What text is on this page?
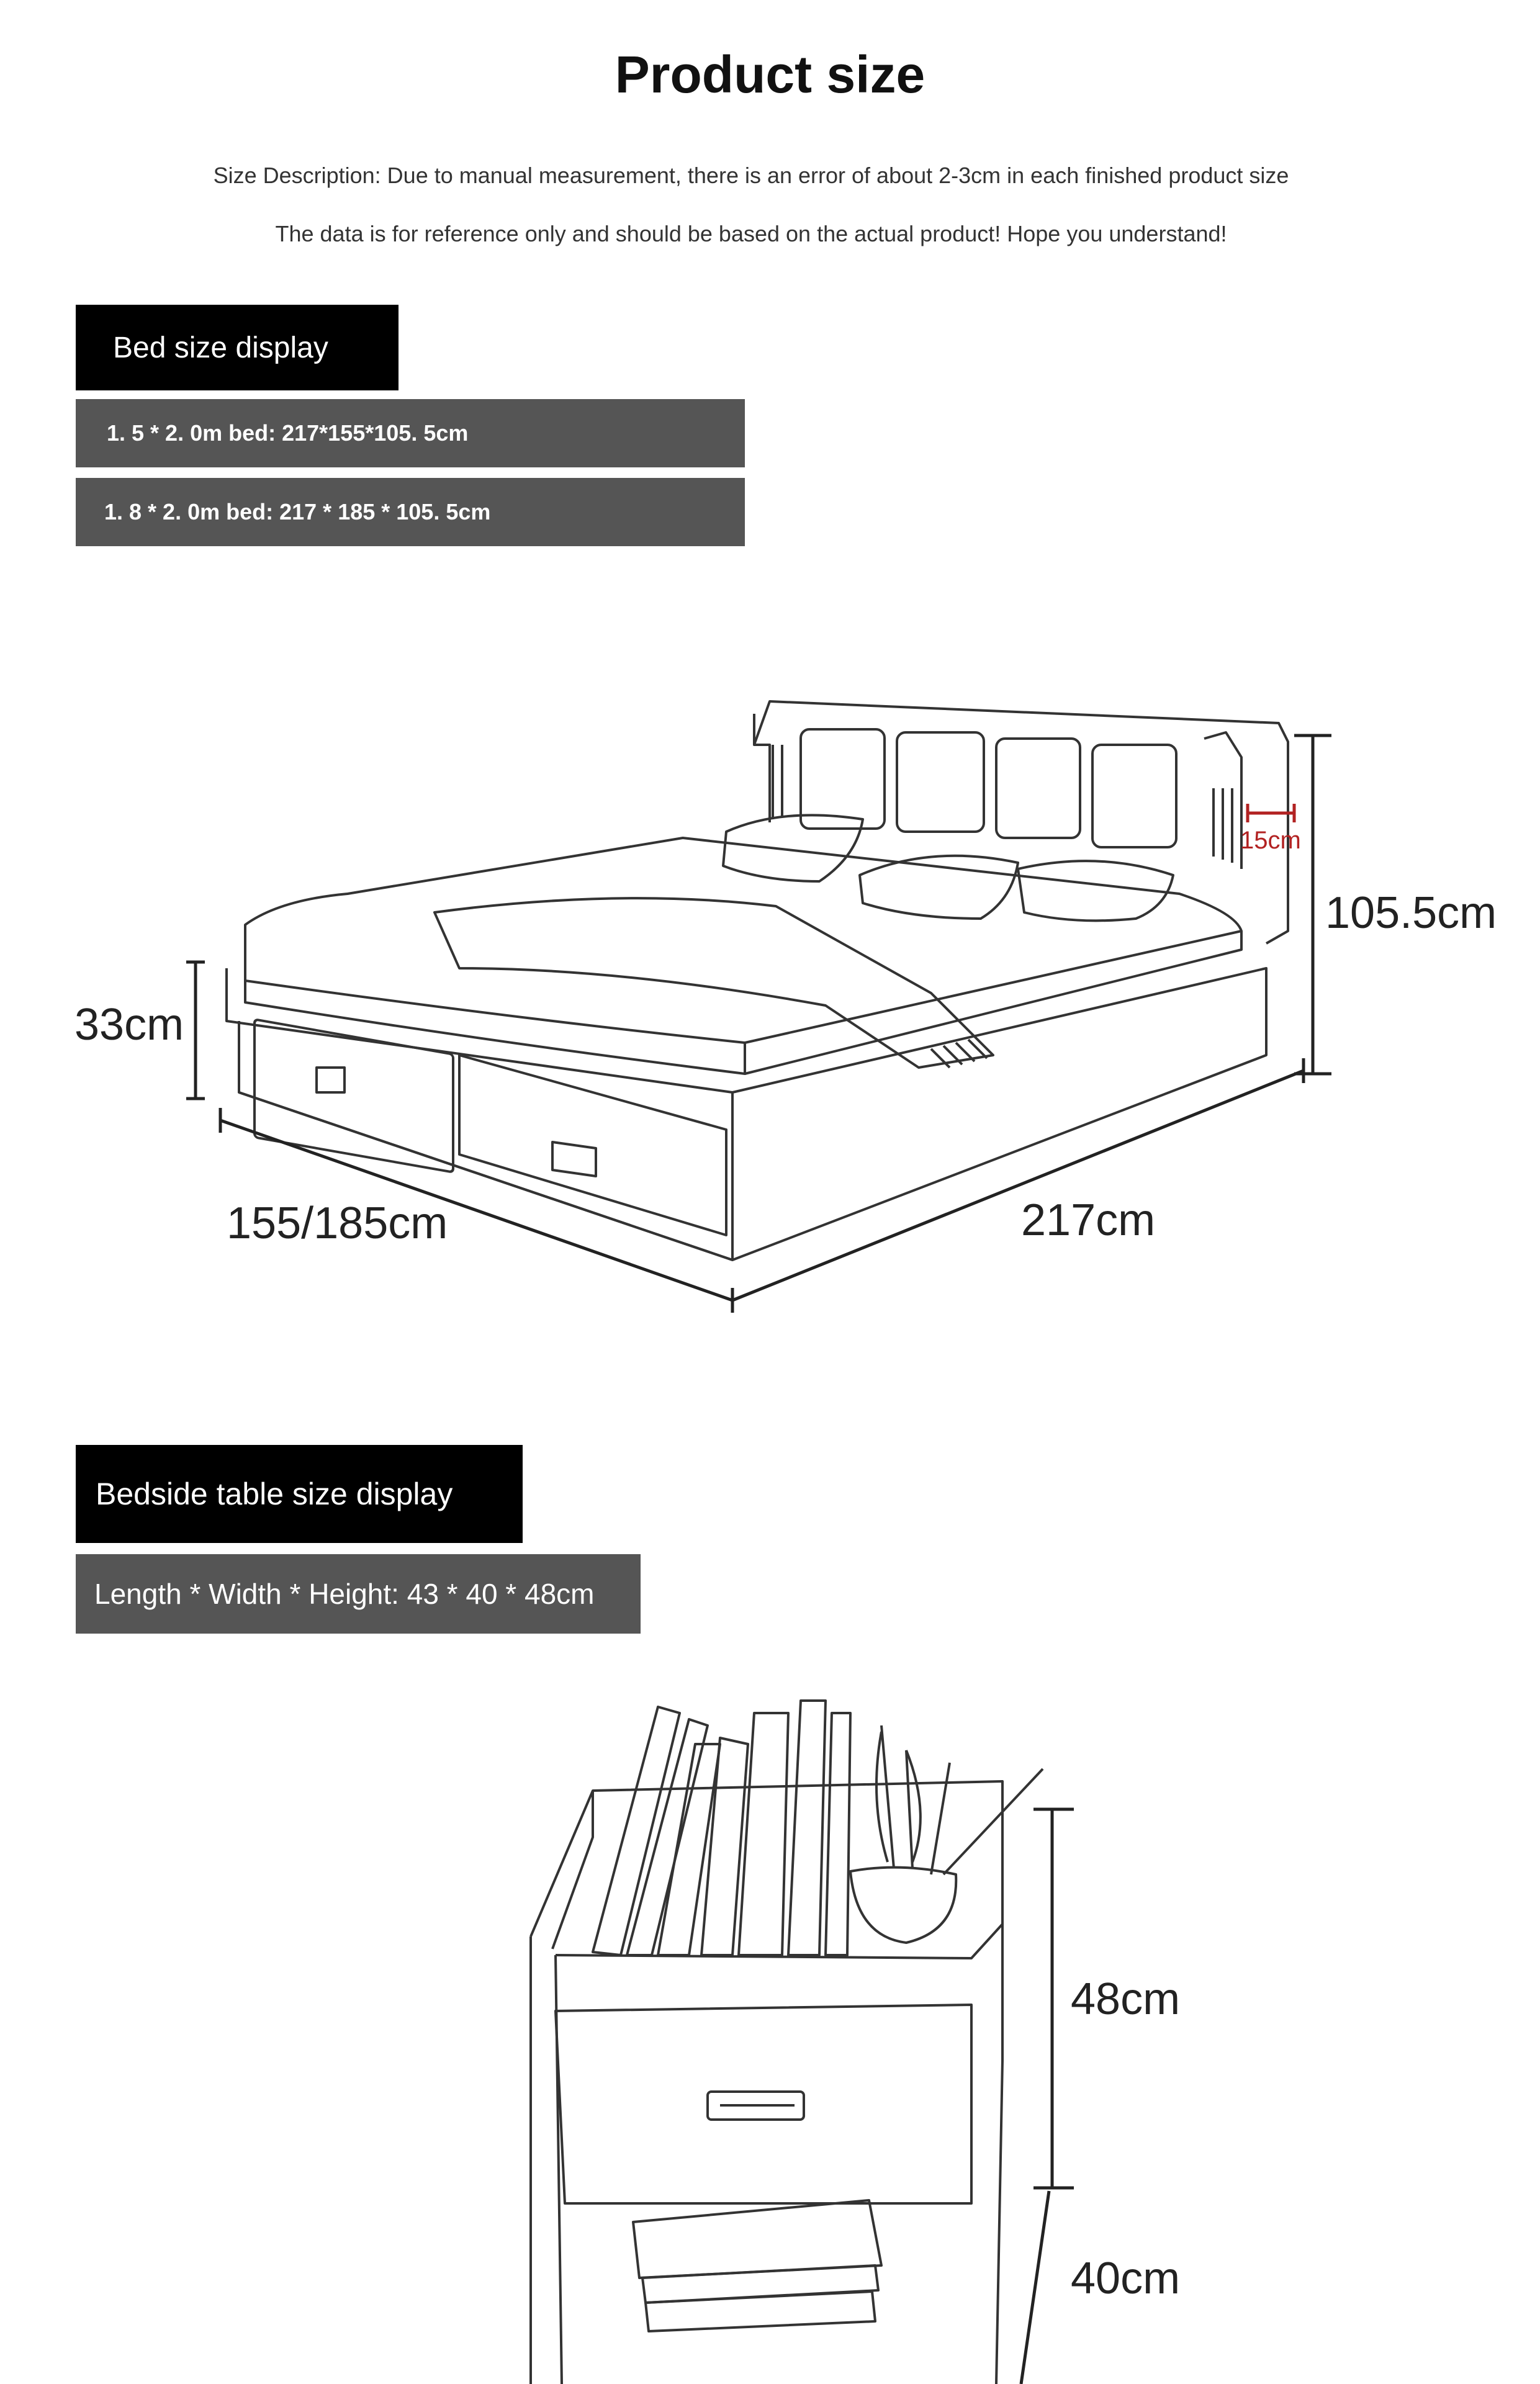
Product size
Size Description: Due to manual measurement, there is an error of about 2-3cm in each finished product size
The data is for reference only and should be based on the actual product! Hope you understand!
Bed size display
1. 5 * 2. 0m bed: 217*155*105. 5cm
1. 8 * 2. 0m bed: 217 * 185 * 105. 5cm
105.5cm
33cm
155/185cm	217cm
15cm
Bedside table size display
Length * Width * Height: 43 * 40 * 48cm
48cm
40cm
